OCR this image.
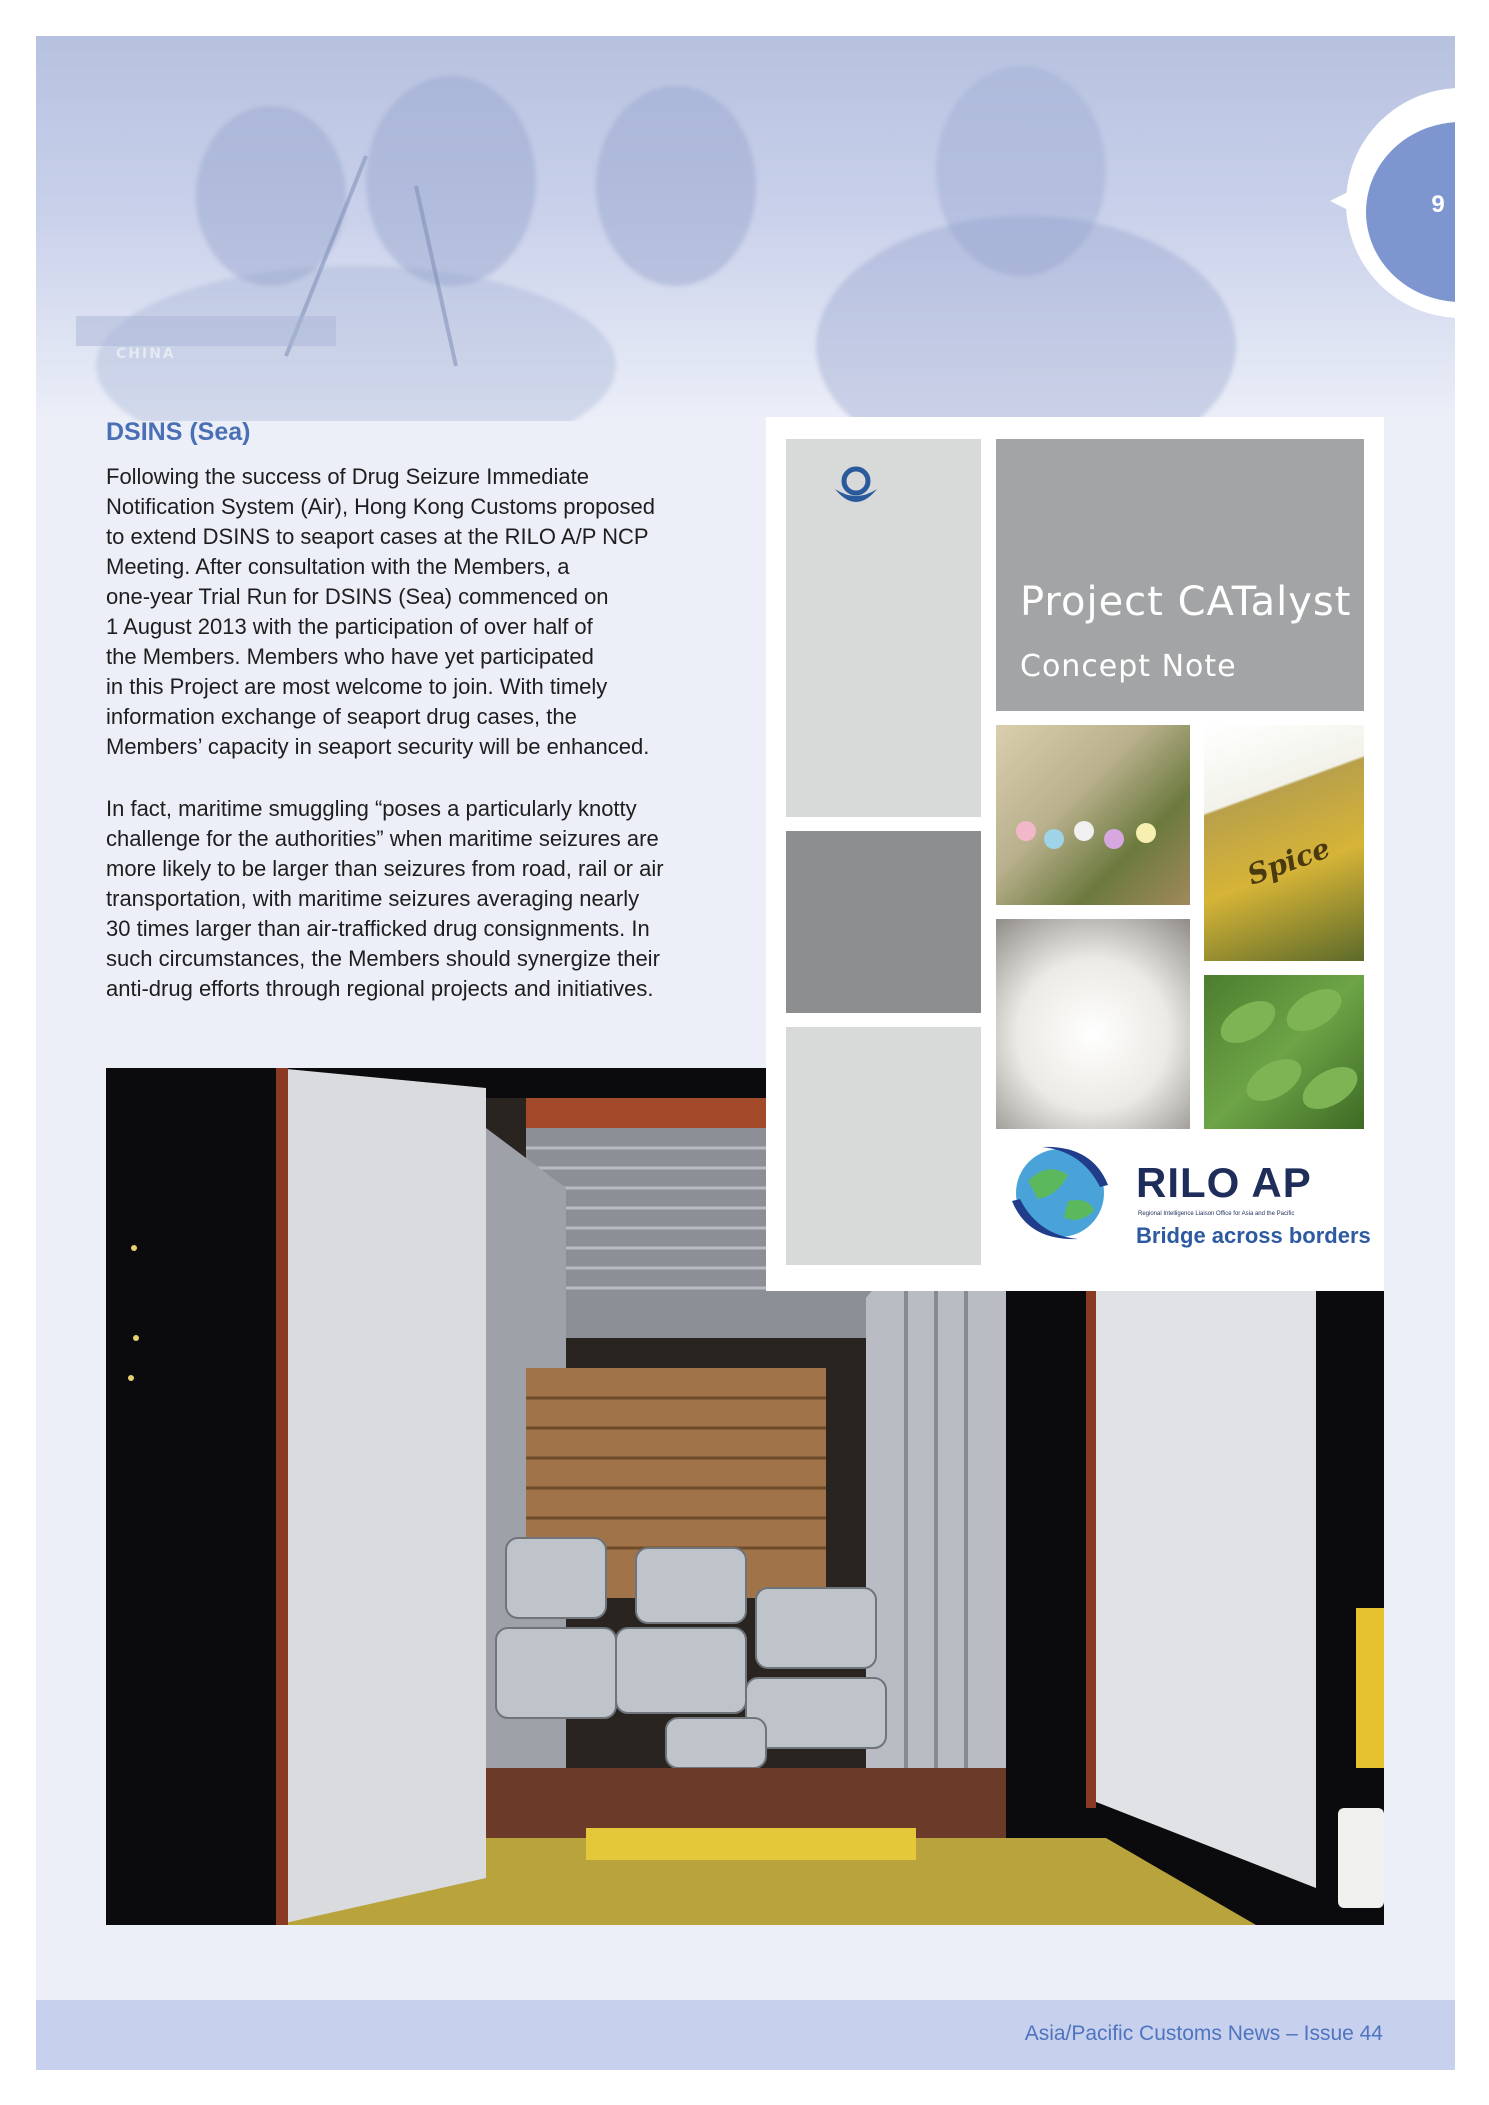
CHINA
9
DSINS (Sea)

Following the success of Drug Seizure Immediate
Notification System (Air), Hong Kong Customs proposed
to extend DSINS to seaport cases at the RILO A/P NCP
Meeting. After consultation with the Members, a
one-year Trial Run for DSINS (Sea) commenced on
1 August 2013 with the participation of over half of
the Members. Members who have yet participated
in this Project are most welcome to join. With timely
information exchange of seaport drug cases, the
Members’ capacity in seaport security will be enhanced.

In fact, maritime smuggling “poses a particularly knotty
challenge for the authorities” when maritime seizures are
more likely to be larger than seizures from road, rail or air
transportation, with maritime seizures averaging nearly
30 times larger than air-trafficked drug consignments. In
such circumstances, the Members should synergize their
anti-drug efforts through regional projects and initiatives.

Project CATalyst

Concept Note

Spice

RILO AP

Regional Intelligence Liaison Office for Asia and the Pacific

Bridge across borders

Asia/Pacific Customs News – Issue 44
